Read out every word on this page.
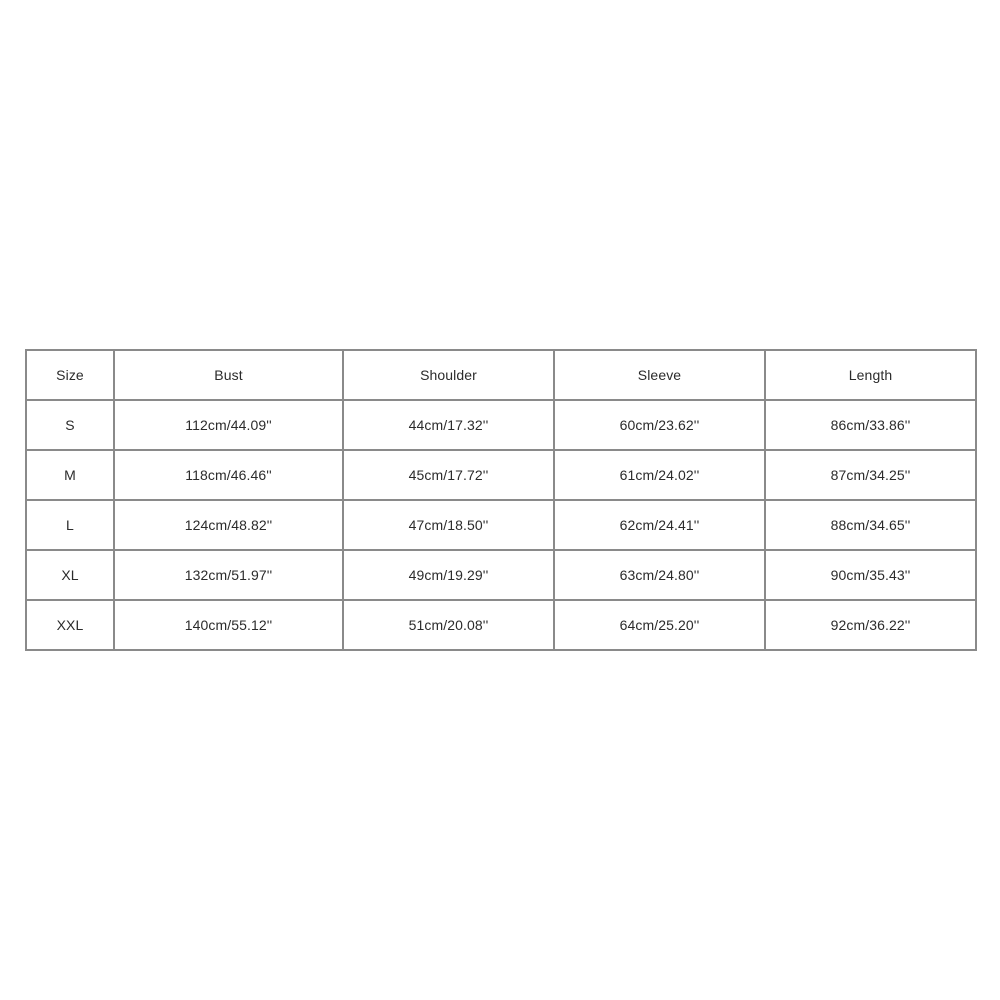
Size	Bust	Shoulder	Sleeve	Length
S	112cm/44.09''	44cm/17.32''	60cm/23.62''	86cm/33.86''
M	118cm/46.46''	45cm/17.72''	61cm/24.02''	87cm/34.25''
L	124cm/48.82''	47cm/18.50''	62cm/24.41''	88cm/34.65''
XL	132cm/51.97''	49cm/19.29''	63cm/24.80''	90cm/35.43''
XXL	140cm/55.12''	51cm/20.08''	64cm/25.20''	92cm/36.22''
